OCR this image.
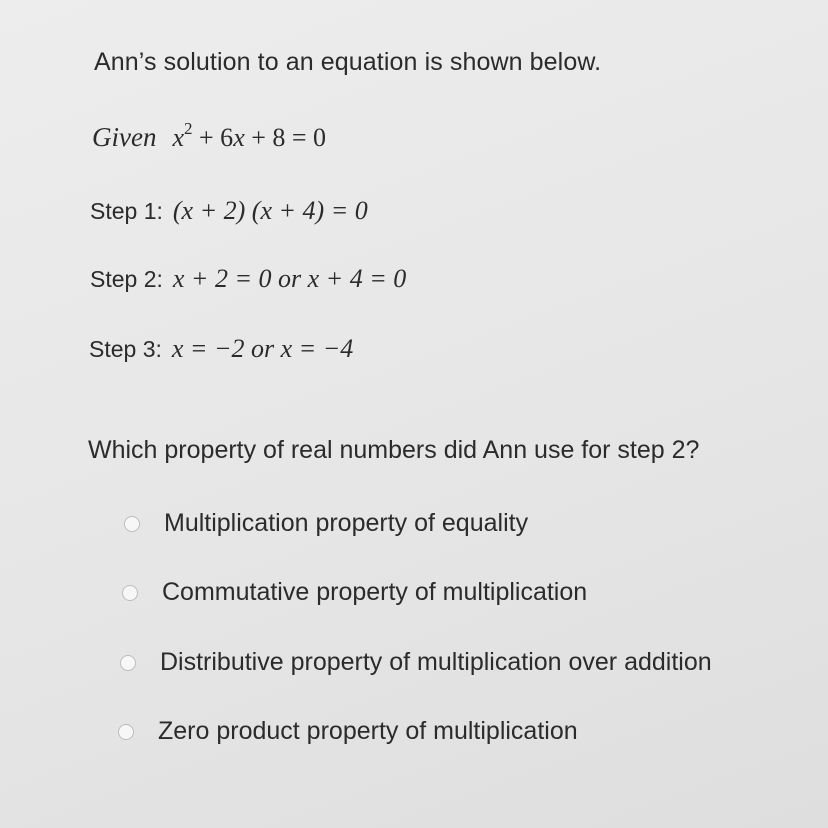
Ann’s solution to an equation is shown below.
Given $x^2 + 6x + 8 = 0$
Step 1: (x + 2) (x + 4) = 0
Step 2: x + 2 = 0 or x + 4 = 0
Step 3: x = −2 or x = −4
Which property of real numbers did Ann use for step 2?
Multiplication property of equality
Commutative property of multiplication
Distributive property of multiplication over addition
Zero product property of multiplication
